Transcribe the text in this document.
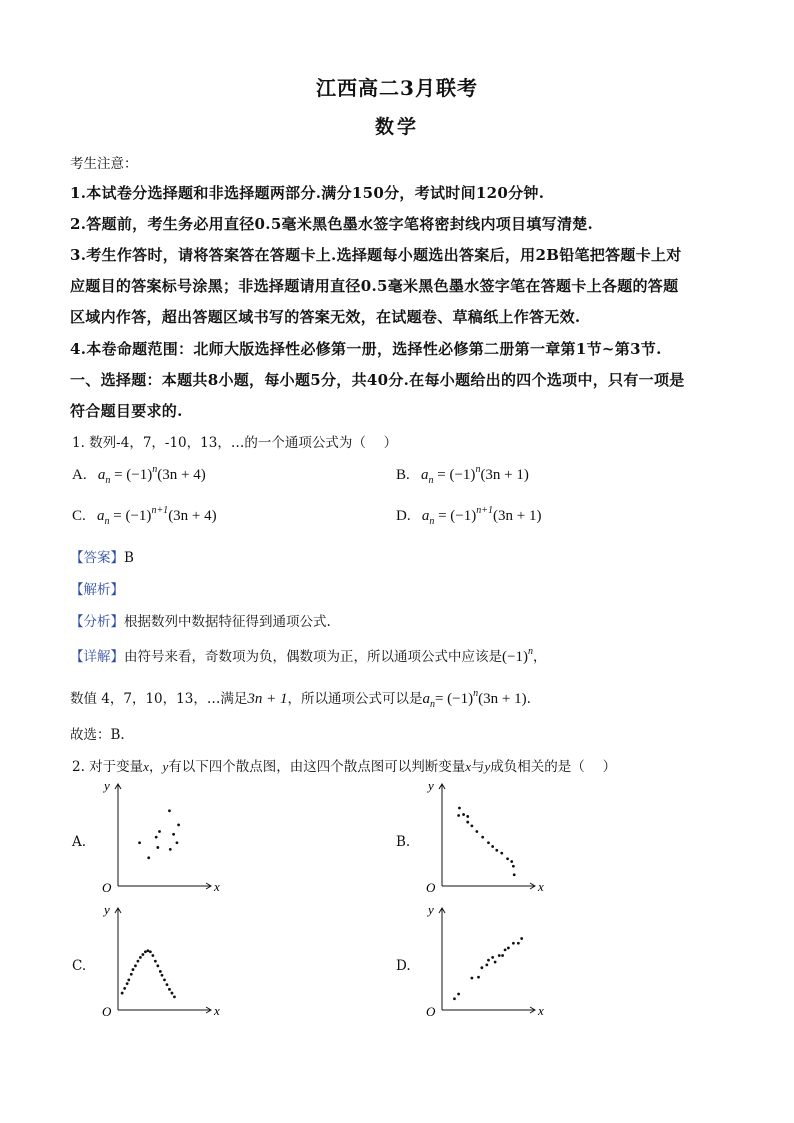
江西高二3月联考
数学
考生注意：
1.本试卷分选择题和非选择题两部分.满分150分，考试时间120分钟.
2.答题前，考生务必用直径0.5毫米黑色墨水签字笔将密封线内项目填写清楚.
3.考生作答时，请将答案答在答题卡上.选择题每小题选出答案后，用2B铅笔把答题卡上对
应题目的答案标号涂黑；非选择题请用直径0.5毫米黑色墨水签字笔在答题卡上各题的答题
区域内作答，超出答题区域书写的答案无效，在试题卷、草稿纸上作答无效.
4.本卷命题范围：北师大版选择性必修第一册，选择性必修第二册第一章第1节~第3节.
一、选择题：本题共8小题，每小题5分，共40分.在每小题给出的四个选项中，只有一项是
符合题目要求的.
1. 数列-4，7，-10，13，…的一个通项公式为（　 ）
A. $a_n = (-1)^n(3n + 4)$	B. $a_n = (-1)^n(3n + 1)$
C. $a_n = (-1)^{n+1}(3n + 4)$	D. $a_n = (-1)^{n+1}(3n + 1)$
【答案】B
【解析】
【分析】根据数列中数据特征得到通项公式.
【详解】由符号来看，奇数项为负，偶数项为正，所以通项公式中应该是$(-1)^n$，
数值 4，7，10，13，…满足3n + 1，所以通项公式可以是$a_n= (-1)^n(3n + 1)$.
故选：B.
2. 对于变量x，y有以下四个散点图，由这四个散点图可以判断变量x与y成负相关的是（　 ）
A.	B.
C.	D.
x
y
O	x
y
O
x
y
O	x
y
O
